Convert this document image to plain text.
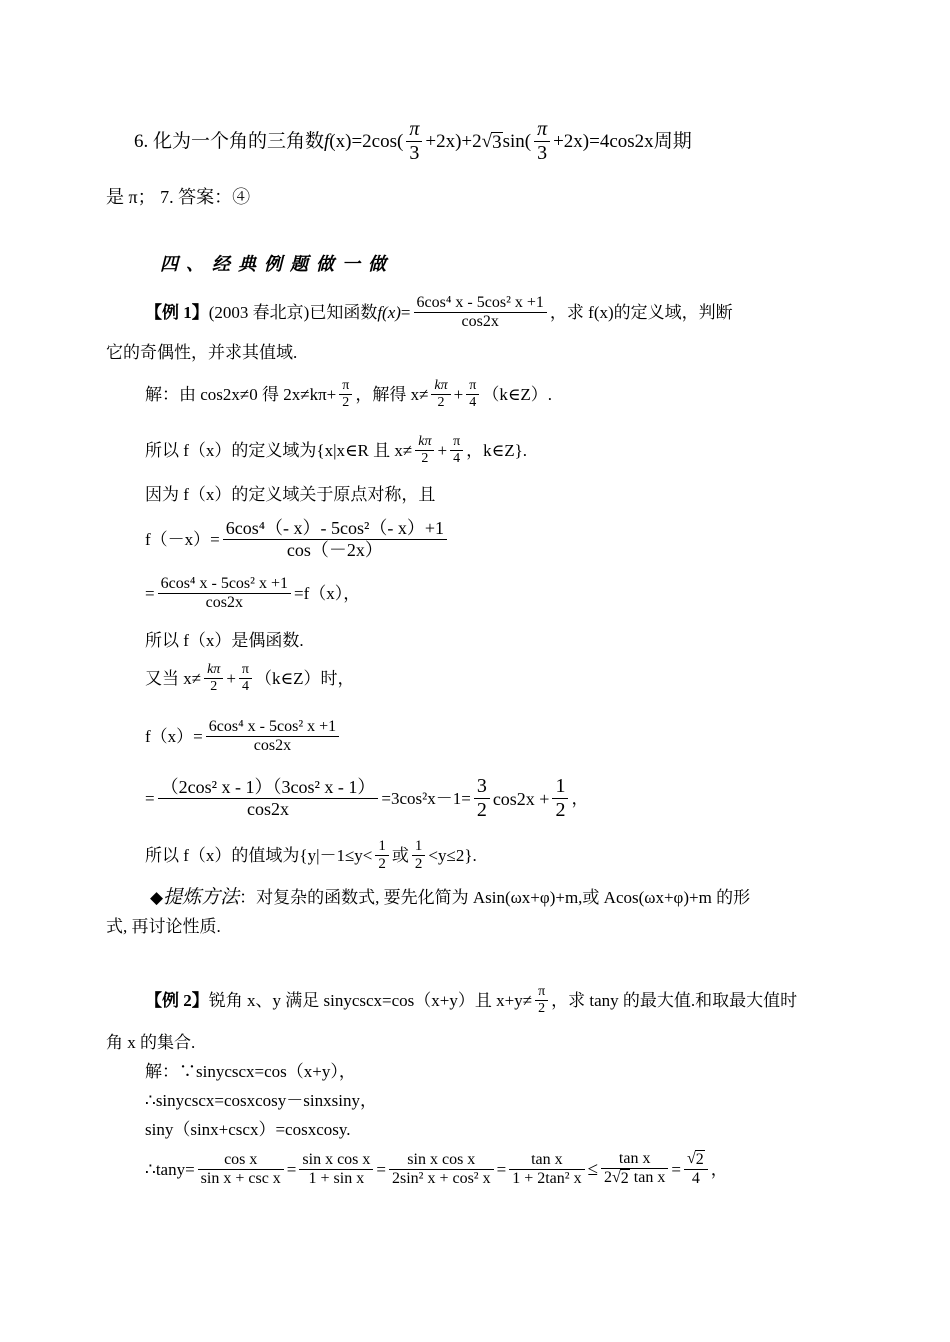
6. 化为一个角的三角数 f $(x) =2\cos( \frac{\pi}{3} +2x) +2$ √ 3 $\sin( \frac{\pi}{3} +2x) =4\cos 2x$ 周期
是 π； 7. 答案：④
四、经典例题做一做
【例 1】 (2003 春北京)已知函数 $f(x) = \frac{\text{6cos⁴ x - 5cos² x +1}}{\cos 2x}$ ，求 f(x)的定义域，判断
它的奇偶性，并求其值域.
解：由 cos2x≠0 得 $2x\ne k\pi+ \frac{\pi}{2}$ ，解得 $x\ne \frac{k\pi}{2} + \frac{\pi}{4}$ （k∈Z）.
所以 f（x）的定义域为{x|x∈R 且 $x\ne \frac{k\pi}{2} + \frac{\pi}{4}$ ，k∈Z}.
因为 f（x）的定义域关于原点对称，且
$f(-x)= \frac{\text{6cos⁴（- x）- 5cos²（- x）+1}}{\cos(-2x)}$
= $\frac{\text{6cos⁴ x - 5cos² x +1}}{\cos 2x} =f(x)$，
所以 f（x）是偶函数.
又当 $x\ne \frac{k\pi}{2} + \frac{\pi}{4}$ （k∈Z）时，
$f(x)= \frac{\text{6cos⁴ x - 5cos² x +1}}{\cos 2x}$
= $\frac{\text{（2cos² x - 1）（3cos² x - 1）}}{\cos 2x} =3\cos^2x-1= \frac{3}{2} \cos 2x + \frac{1}{2}$ ，
所以 f（x）的值域为{$y|-1\le y< \frac{1}{2}$ 或 $\frac{1}{2} <y\le 2$}.
◆ 提炼方法 ：对复杂的函数式, 要先化简为 Asin(ωx+φ)+m,或 Acos(ωx+φ)+m 的形
式, 再讨论性质.
【例 2】 锐角 x、y 满足 sinycscx=cos（x+y）且 $x+y\ne \frac{\pi}{2}$ ，求 tany 的最大值.和取最大值时
角 x 的集合.
解：∵sinycscx=cos（x+y），
∴sinycscx=cosxcosy－sinxsiny，
siny（sinx+cscx）=cosxcosy.
∴tany= $\frac{\text{cos x}}{\text{sin x + csc x}} = \frac{\text{sin x cos x}}{\text{1 + sin x}} = \frac{\text{sin x cos x}}{\text{2sin² x + cos² x}} = \frac{\text{tan x}}{\text{1 + 2tan² x}} \le \frac{\text{tan x}}{\text{2√ 2 tan x}} = \frac{√ 2}{4}$ ，
